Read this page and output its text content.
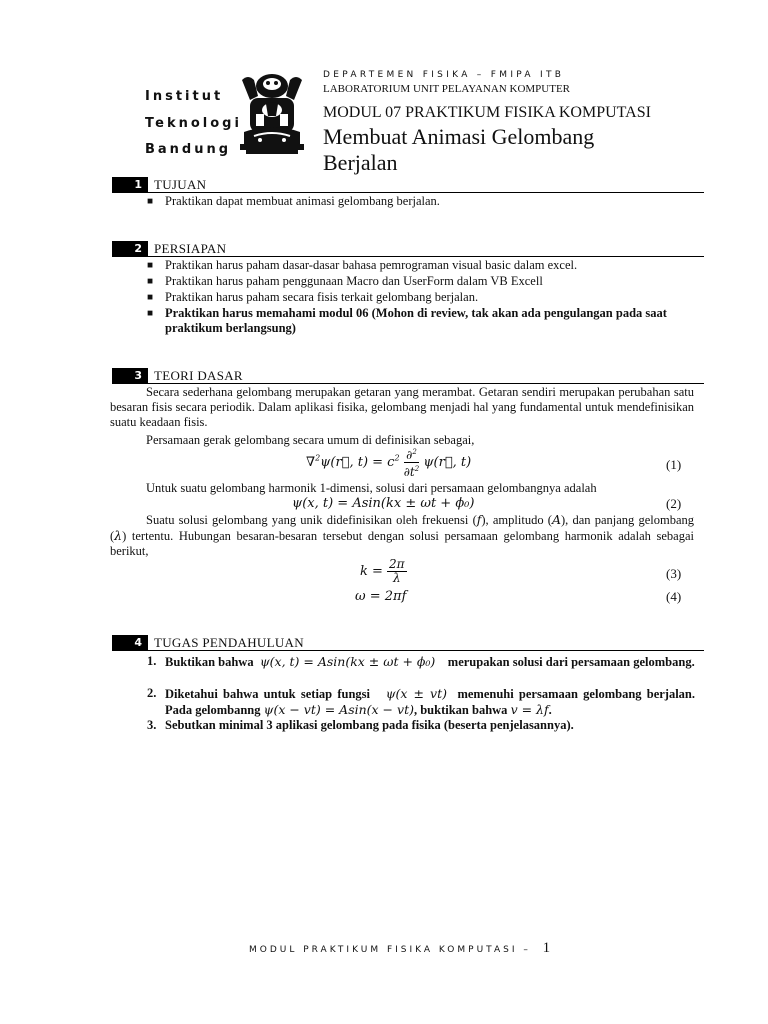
Institut
Teknologi
Bandung
DEPARTEMEN FISIKA – FMIPA ITB
LABORATORIUM UNIT PELAYANAN KOMPUTER
MODUL 07 PRAKTIKUM FISIKA KOMPUTASI
Membuat Animasi Gelombang
Berjalan
1 TUJUAN
■ Praktikan dapat membuat animasi gelombang berjalan.
2 PERSIAPAN
■ Praktikan harus paham dasar-dasar bahasa pemrograman visual basic dalam excel.
■ Praktikan harus paham penggunaan Macro dan UserForm dalam VB Excell
■ Praktikan harus paham secara fisis terkait gelombang berjalan.
■ Praktikan harus memahami modul 06 (Mohon di review, tak akan ada pengulangan pada saat praktikum berlangsung)
3 TEORI DASAR
Secara sederhana gelombang merupakan getaran yang merambat. Getaran sendiri merupakan perubahan satu besaran fisis secara periodik. Dalam aplikasi fisika, gelombang menjadi hal yang fundamental untuk mendefinisikan suatu keadaan fisis.
Persamaan gerak gelombang secara umum di definisikan sebagai,
∇$^2$ψ(r⃗, $t) = c^2 \frac{\partial^2}{\partial t^2}$ ψ(r⃗, t)	(1)
Untuk suatu gelombang harmonik 1-dimensi, solusi dari persamaan gelombangnya adalah
ψ(x, t) = Asin(kx ± ωt + ϕ₀)	(2)
Suatu solusi gelombang yang unik didefinisikan oleh frekuensi (f), amplitudo (A), dan panjang gelombang (λ) tertentu. Hubungan besaran-besaran tersebut dengan solusi persamaan gelombang harmonik adalah sebagai berikut,
$k = \frac{2\pi}{\lambda}$	(3)
ω = 2πf	(4)
4 TUGAS PENDAHULUAN
1. Buktikan bahwa ψ(x, t) = Asin(kx ± ωt + ϕ₀) merupakan solusi dari persamaan gelombang.
2. Diketahui bahwa untuk setiap fungsi ψ(x ± vt) memenuhi persamaan gelombang berjalan. Pada gelombanng ψ(x − vt) = Asin(x − vt), buktikan bahwa v = λf.
3. Sebutkan minimal 3 aplikasi gelombang pada fisika (beserta penjelasannya).
MODUL PRAKTIKUM FISIKA KOMPUTASI – 1
